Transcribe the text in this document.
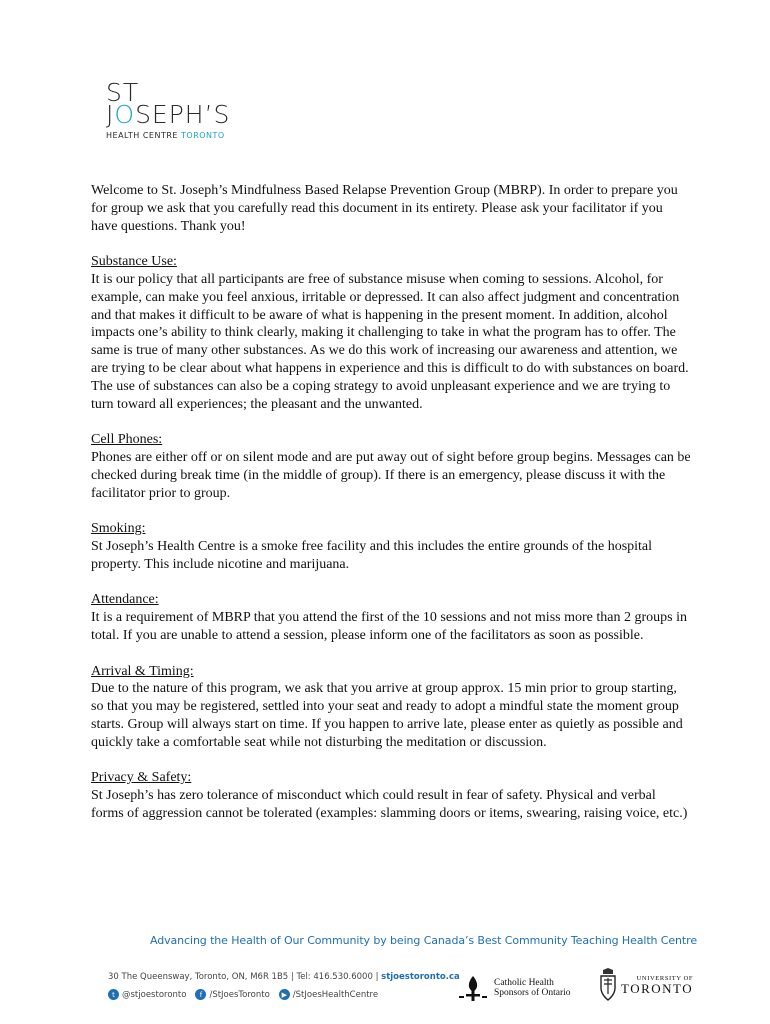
ST
JOSEPH’S
HEALTH CENTRE TORONTO

Welcome to St. Joseph’s Mindfulness Based Relapse Prevention Group (MBRP). In order to prepare you for group we ask that you carefully read this document in its entirety. Please ask your facilitator if you have questions. Thank you!

Substance Use:

It is our policy that all participants are free of substance misuse when coming to sessions. Alcohol, for example, can make you feel anxious, irritable or depressed. It can also affect judgment and concentration and that makes it difficult to be aware of what is happening in the present moment. In addition, alcohol impacts one’s ability to think clearly, making it challenging to take in what the program has to offer. The same is true of many other substances. As we do this work of increasing our awareness and attention, we are trying to be clear about what happens in experience and this is difficult to do with substances on board. The use of substances can also be a coping strategy to avoid unpleasant experience and we are trying to turn toward all experiences; the pleasant and the unwanted.

Cell Phones:

Phones are either off or on silent mode and are put away out of sight before group begins. Messages can be checked during break time (in the middle of group). If there is an emergency, please discuss it with the facilitator prior to group.

Smoking:

St Joseph’s Health Centre is a smoke free facility and this includes the entire grounds of the hospital property. This include nicotine and marijuana.

Attendance:

It is a requirement of MBRP that you attend the first of the 10 sessions and not miss more than 2 groups in total. If you are unable to attend a session, please inform one of the facilitators as soon as possible.

Arrival & Timing:

Due to the nature of this program, we ask that you arrive at group approx. 15 min prior to group starting, so that you may be registered, settled into your seat and ready to adopt a mindful state the moment group starts. Group will always start on time. If you happen to arrive late, please enter as quietly as possible and quickly take a comfortable seat while not disturbing the meditation or discussion.

Privacy & Safety:

St Joseph’s has zero tolerance of misconduct which could result in fear of safety. Physical and verbal forms of aggression cannot be tolerated (examples: slamming doors or items, swearing, raising voice, etc.)

Advancing the Health of Our Community by being Canada’s Best Community Teaching Health Centre
30 The Queensway, Toronto, ON, M6R 1B5 | Tel: 416.530.6000 | stjoestoronto.ca
t @stjoestoronto	f /StJoesToronto	▶ /StJoesHealthCentre
Catholic Health
Sponsors of Ontario
UNIVERSITY OF
TORONTO
